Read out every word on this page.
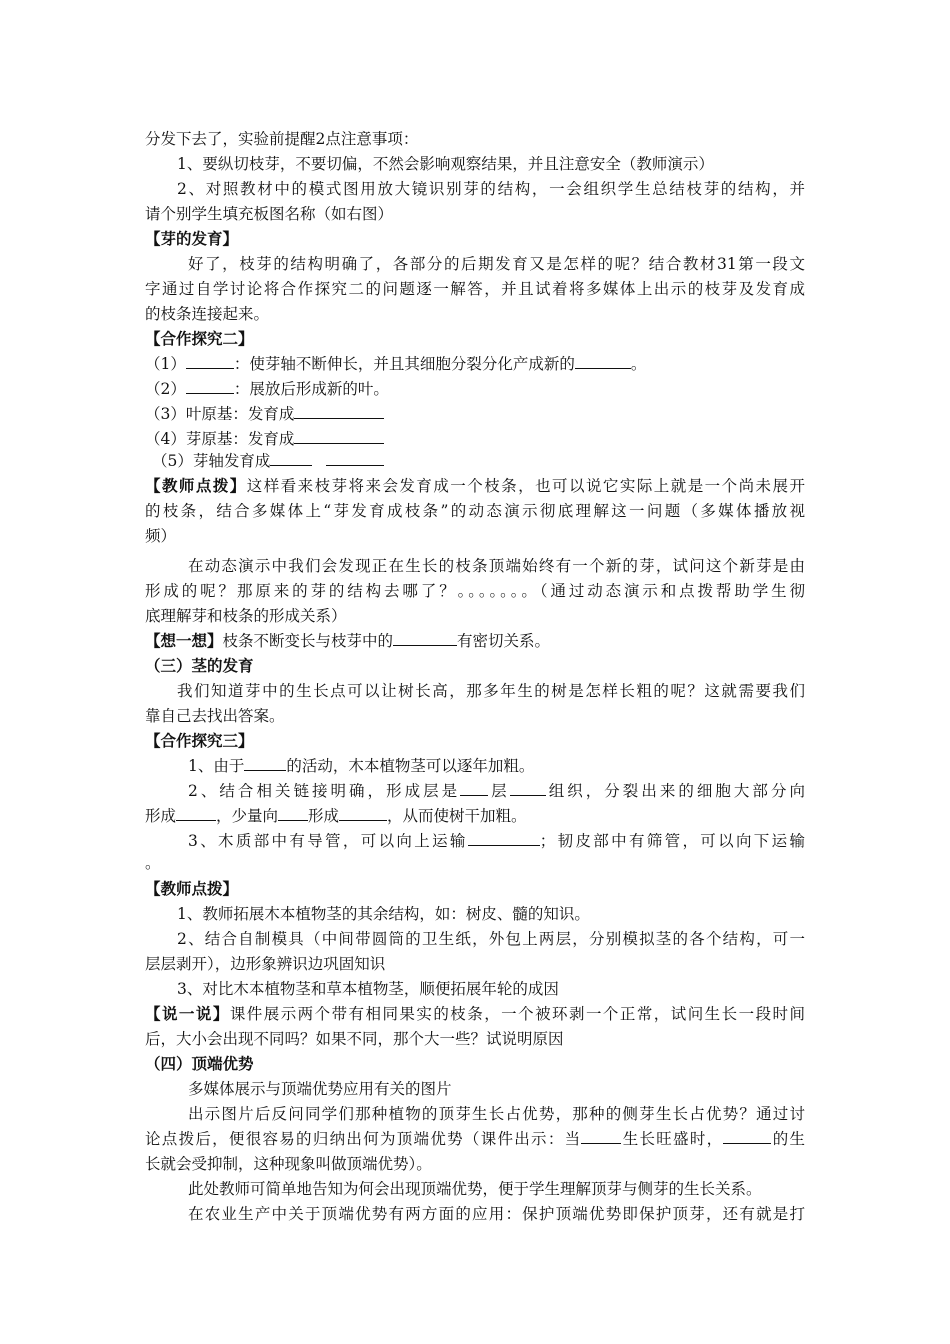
分发下去了，实验前提醒2点注意事项：
1、要纵切枝芽，不要切偏，不然会影响观察结果，并且注意安全（教师演示）
2、对照教材中的模式图用放大镜识别芽的结构，一会组织学生总结枝芽的结构，并
请个别学生填充板图名称（如右图）
【芽的发育】
好了，枝芽的结构明确了，各部分的后期发育又是怎样的呢？结合教材31第一段文
字通过自学讨论将合作探究二的问题逐一解答，并且试着将多媒体上出示的枝芽及发育成
的枝条连接起来。
【合作探究二】
（1）	：使芽轴不断伸长，并且其细胞分裂分化产成新的	。
（2）	：展放后形成新的叶。
（3）叶原基：发育成
（4）芽原基：发育成
（5）芽轴发育成
【教师点拨】这样看来枝芽将来会发育成一个枝条，也可以说它实际上就是一个尚未展开
的枝条，结合多媒体上“芽发育成枝条”的动态演示彻底理解这一问题（多媒体播放视
频）
在动态演示中我们会发现正在生长的枝条顶端始终有一个新的芽，试问这个新芽是由
形成的呢？那原来的芽的结构去哪了？。。。。。。。（通过动态演示和点拨帮助学生彻
底理解芽和枝条的形成关系）
【想一想】枝条不断变长与枝芽中的	有密切关系。
（三）茎的发育
我们知道芽中的生长点可以让树长高，那多年生的树是怎样长粗的呢？这就需要我们
靠自己去找出答案。
【合作探究三】
1、由于	的活动，木本植物茎可以逐年加粗。
2、结合相关链接明确，形成层是 层 组织，分裂出来的细胞大部分向
形成	，少量向 形成	，从而使树干加粗。
3、木质部中有导管，可以向上运输	；韧皮部中有筛管，可以向下运输
。
【教师点拨】
1、教师拓展木本植物茎的其余结构，如：树皮、髓的知识。
2、结合自制模具（中间带圆筒的卫生纸，外包上两层，分别模拟茎的各个结构，可一
层层剥开），边形象辨识边巩固知识
3、对比木本植物茎和草本植物茎，顺便拓展年轮的成因
【说一说】课件展示两个带有相同果实的枝条，一个被环剥一个正常，试问生长一段时间
后，大小会出现不同吗？如果不同，那个大一些？试说明原因
（四）顶端优势
多媒体展示与顶端优势应用有关的图片
出示图片后反问同学们那种植物的顶芽生长占优势，那种的侧芽生长占优势？通过讨
论点拨后，便很容易的归纳出何为顶端优势（课件出示：当	生长旺盛时，	的生
长就会受抑制，这种现象叫做顶端优势）。
此处教师可简单地告知为何会出现顶端优势，便于学生理解顶芽与侧芽的生长关系。
在农业生产中关于顶端优势有两方面的应用：保护顶端优势即保护顶芽，还有就是打
